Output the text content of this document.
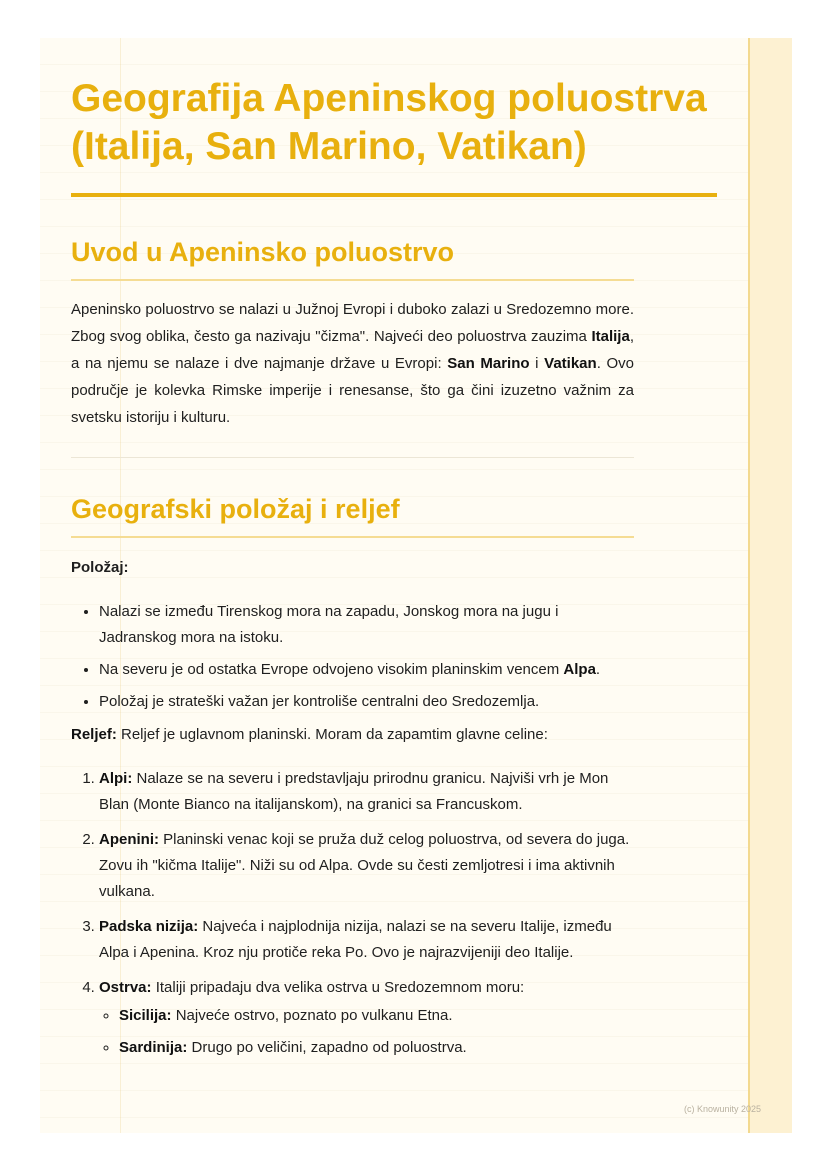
Geografija Apeninskog poluostrva (Italija, San Marino, Vatikan)
Uvod u Apeninsko poluostrvo

Apeninsko poluostrvo se nalazi u Južnoj Evropi i duboko zalazi u Sredozemno more. Zbog svog oblika, često ga nazivaju "čizma". Najveći deo poluostrva zauzima Italija, a na njemu se nalaze i dve najmanje države u Evropi: San Marino i Vatikan. Ovo područje je kolevka Rimske imperije i renesanse, što ga čini izuzetno važnim za svetsku istoriju i kulturu.

Geografski položaj i reljef

Položaj:

• Nalazi se između Tirenskog mora na zapadu, Jonskog mora na jugu i Jadranskog mora na istoku.
• Na severu je od ostatka Evrope odvojeno visokim planinskim vencem Alpa.
• Položaj je strateški važan jer kontroliše centralni deo Sredozemlja.

Reljef: Reljef je uglavnom planinski. Moram da zapamtim glavne celine:

1. Alpi: Nalaze se na severu i predstavljaju prirodnu granicu. Najviši vrh je Mon Blan (Monte Bianco na italijanskom), na granici sa Francuskom.
2. Apenini: Planinski venac koji se pruža duž celog poluostrva, od severa do juga. Zovu ih "kičma Italije". Niži su od Alpa. Ovde su česti zemljotresi i ima aktivnih vulkana.
3. Padska nizija: Najveća i najplodnija nizija, nalazi se na severu Italije, između Alpa i Apenina. Kroz nju protiče reka Po. Ovo je najrazvijeniji deo Italije.
4. Ostrva: Italiji pripadaju dva velika ostrva u Sredozemnom moru:
◦ Sicilija: Najveće ostrvo, poznato po vulkanu Etna.
◦ Sardinija: Drugo po veličini, zapadno od poluostrva.
(c) Knowunity 2025
